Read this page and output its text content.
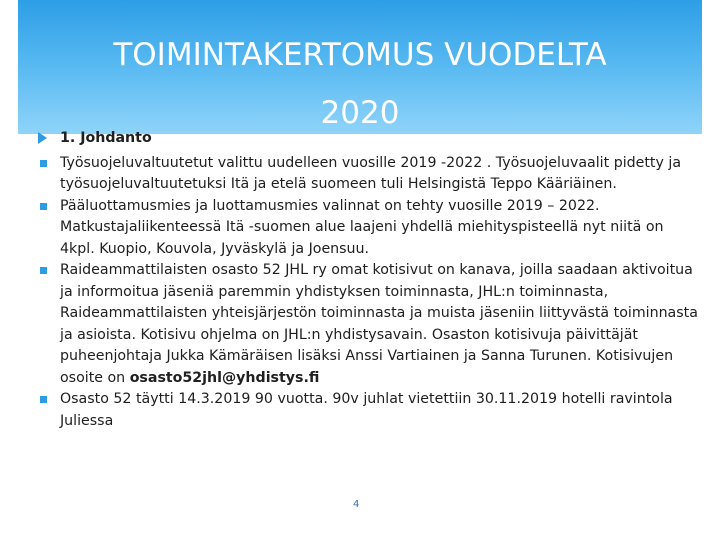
TOIMINTAKERTOMUS VUODELTA
2020
1. Johdanto
Työsuojeluvaltuutetut valittu uudelleen vuosille 2019 -2022 . Työsuojeluvaalit pidetty ja työsuojeluvaltuutetuksi Itä ja etelä suomeen tuli Helsingistä Teppo Kääriäinen.
Pääluottamusmies ja luottamusmies valinnat on tehty vuosille 2019 – 2022. Matkustajaliikenteessä Itä -suomen alue laajeni yhdellä miehityspisteellä nyt niitä on 4kpl. Kuopio, Kouvola, Jyväskylä ja Joensuu.
Raideammattilaisten osasto 52 JHL ry omat kotisivut on kanava, joilla saadaan aktivoitua ja informoitua jäseniä paremmin yhdistyksen toiminnasta, JHL:n toiminnasta, Raideammattilaisten yhteisjärjestön toiminnasta ja muista jäseniin liittyvästä toiminnasta ja asioista. Kotisivu ohjelma on JHL:n yhdistysavain. Osaston kotisivuja päivittäjät puheenjohtaja Jukka Kämäräisen lisäksi Anssi Vartiainen ja Sanna Turunen. Kotisivujen osoite on osasto52jhl@yhdistys.fi
Osasto 52 täytti 14.3.2019 90 vuotta. 90v juhlat vietettiin 30.11.2019 hotelli ravintola Juliessa
4
